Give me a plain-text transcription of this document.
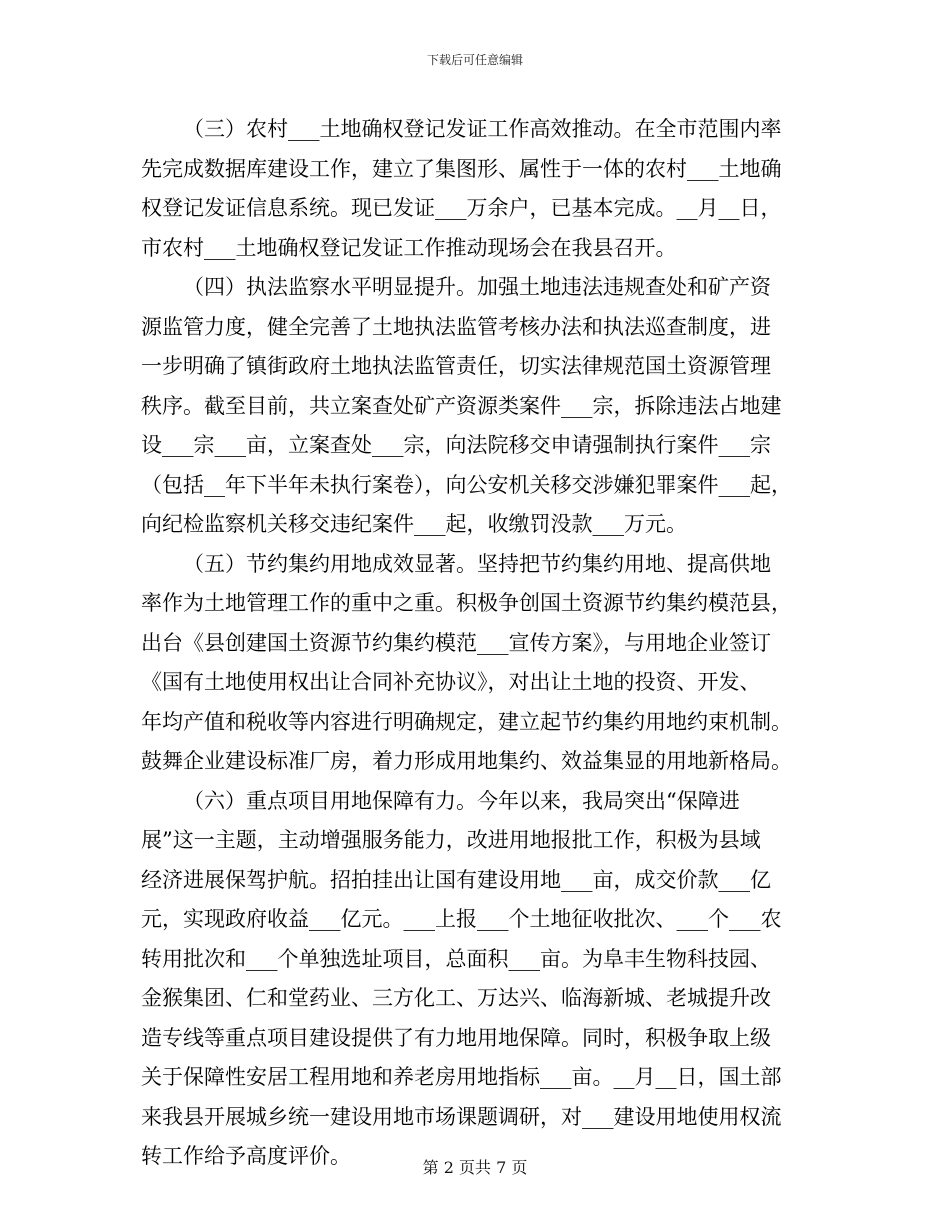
下载后可任意编辑
（三）农村___土地确权登记发证工作高效推动。在全市范围内率
先完成数据库建设工作，建立了集图形、属性于一体的农村___土地确
权登记发证信息系统。现已发证___万余户，已基本完成。__月__日，
市农村___土地确权登记发证工作推动现场会在我县召开。
（四）执法监察水平明显提升。加强土地违法违规查处和矿产资
源监管力度，健全完善了土地执法监管考核办法和执法巡查制度，进
一步明确了镇街政府土地执法监管责任，切实法律规范国土资源管理
秩序。截至目前，共立案查处矿产资源类案件___宗，拆除违法占地建
设___宗___亩，立案查处___宗，向法院移交申请强制执行案件___宗
（包括__年下半年未执行案卷），向公安机关移交涉嫌犯罪案件___起，
向纪检监察机关移交违纪案件___起，收缴罚没款___万元。
（五）节约集约用地成效显著。坚持把节约集约用地、提高供地
率作为土地管理工作的重中之重。积极争创国土资源节约集约模范县，
出台《县创建国土资源节约集约模范___宣传方案》，与用地企业签订
《国有土地使用权出让合同补充协议》，对出让土地的投资、开发、
年均产值和税收等内容进行明确规定，建立起节约集约用地约束机制。
鼓舞企业建设标准厂房，着力形成用地集约、效益集显的用地新格局。
（六）重点项目用地保障有力。今年以来，我局突出“保障进
展”这一主题，主动增强服务能力，改进用地报批工作，积极为县域
经济进展保驾护航。招拍挂出让国有建设用地___亩，成交价款___亿
元，实现政府收益___亿元。___上报___个土地征收批次、___个___农
转用批次和___个单独选址项目，总面积___亩。为阜丰生物科技园、
金猴集团、仁和堂药业、三方化工、万达兴、临海新城、老城提升改
造专线等重点项目建设提供了有力地用地保障。同时，积极争取上级
关于保障性安居工程用地和养老房用地指标___亩。__月__日，国土部
来我县开展城乡统一建设用地市场课题调研，对___建设用地使用权流
转工作给予高度评价。	第 2 页共 7 页
